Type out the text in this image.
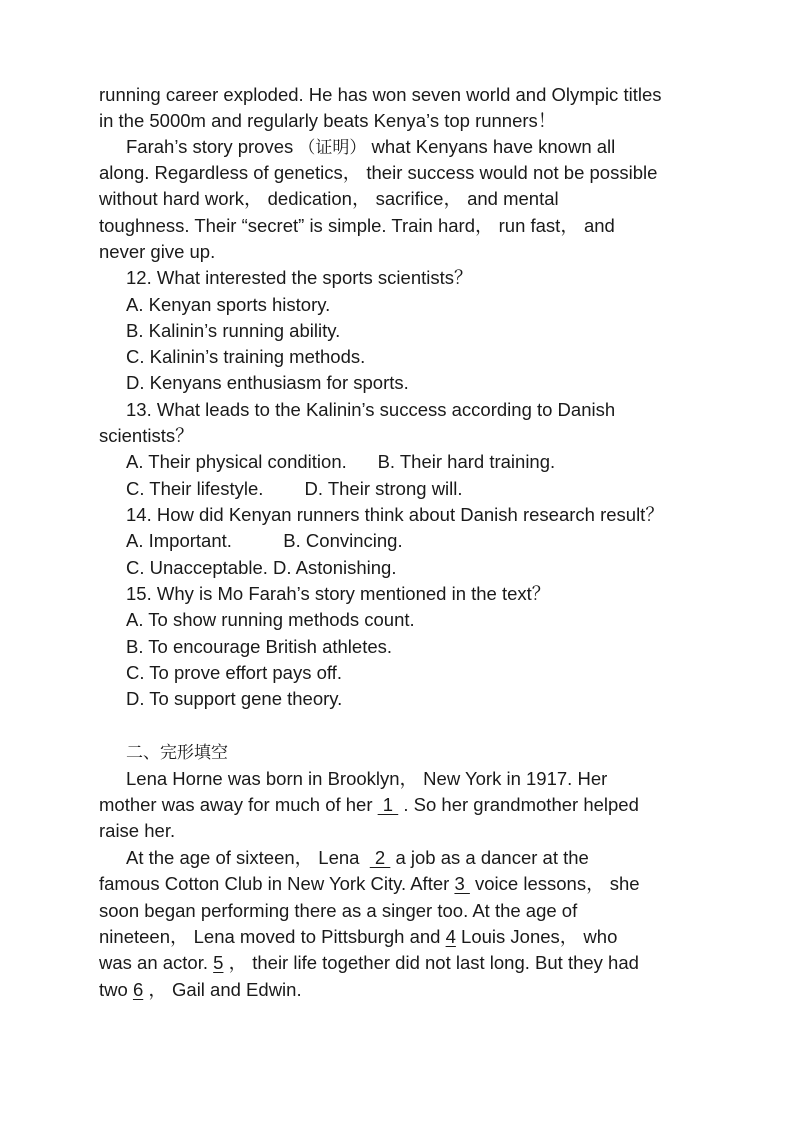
running career exploded. He has won seven world and Olympic titles
in the 5000m and regularly beats Kenya’s top runners！
Farah’s story proves （证明） what Kenyans have known all
along. Regardless of genetics， their success would not be possible
without hard work， dedication， sacrifice， and mental
toughness. Their “secret” is simple. Train hard， run fast， and
never give up.
12. What interested the sports scientists？
A. Kenyan sports history.
B. Kalinin’s running ability.
C. Kalinin’s training methods.
D. Kenyans enthusiasm for sports.
13. What leads to the Kalinin’s success according to Danish
scientists？
A. Their physical condition.      B. Their hard training.
C. Their lifestyle.        D. Their strong will.
14. How did Kenyan runners think about Danish research result？
A. Important.          B. Convincing.
C. Unacceptable. D. Astonishing.
15. Why is Mo Farah’s story mentioned in the text？
A. To show running methods count.
B. To encourage British athletes.
C. To prove effort pays off.
D. To support gene theory.
二、完形填空
Lena Horne was born in Brooklyn， New York in 1917. Her
mother was away for much of her  1  . So her grandmother helped
raise her.
At the age of sixteen， Lena   2  a job as a dancer at the
famous Cotton Club in New York City. After 3  voice lessons， she
soon began performing there as a singer too. At the age of
nineteen， Lena moved to Pittsburgh and 4 Louis Jones， who
was an actor. 5 ， their life together did not last long. But they had
two 6 ， Gail and Edwin.
